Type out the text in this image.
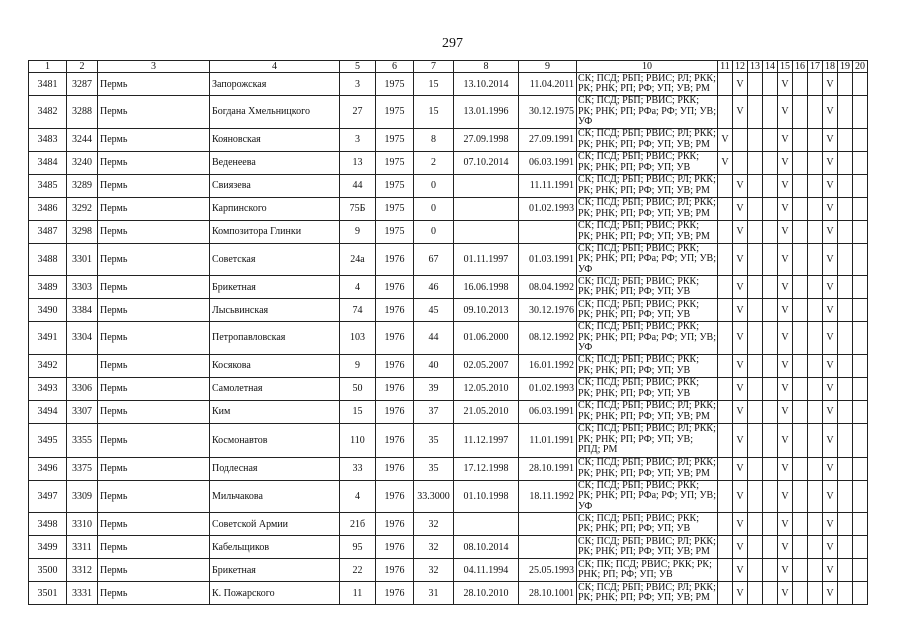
297
1	2	3	4	5	6	7	8	9	10	11	12	13	14	15	16	17	18	19	20
3481	3287	Пермь	Запорожская	3	1975	15	13.10.2014	11.04.2011	СК; ПСД; РБП; РВИС; РЛ; РКК; РК; РНК; РП; РФ; УП; УВ; РМ		V			V			V		
3482	3288	Пермь	Богдана Хмельницкого	27	1975	15	13.01.1996	30.12.1975	СК; ПСД; РБП; РВИС; РКК; РК; РНК; РП; РФа; РФ; УП; УВ; УФ		V			V			V		
3483	3244	Пермь	Кояновская	3	1975	8	27.09.1998	27.09.1991	СК; ПСД; РБП; РВИС; РЛ; РКК; РК; РНК; РП; РФ; УП; УВ; РМ	V				V			V		
3484	3240	Пермь	Веденеева	13	1975	2	07.10.2014	06.03.1991	СК; ПСД; РБП; РВИС; РКК; РК; РНК; РП; РФ; УП; УВ	V				V			V		
3485	3289	Пермь	Свиязева	44	1975	0		11.11.1991	СК; ПСД; РБП; РВИС; РЛ; РКК; РК; РНК; РП; РФ; УП; УВ; РМ		V			V			V		
3486	3292	Пермь	Карпинского	75Б	1975	0		01.02.1993	СК; ПСД; РБП; РВИС; РЛ; РКК; РК; РНК; РП; РФ; УП; УВ; РМ		V			V			V		
3487	3298	Пермь	Композитора Глинки	9	1975	0			СК; ПСД; РБП; РВИС; РКК; РК; РНК; РП; РФ; УП; УВ; РМ		V			V			V		
3488	3301	Пермь	Советская	24а	1976	67	01.11.1997	01.03.1991	СК; ПСД; РБП; РВИС; РКК; РК; РНК; РП; РФа; РФ; УП; УВ; УФ		V			V			V		
3489	3303	Пермь	Брикетная	4	1976	46	16.06.1998	08.04.1992	СК; ПСД; РБП; РВИС; РКК; РК; РНК; РП; РФ; УП; УВ		V			V			V		
3490	3384	Пермь	Лысьвинская	74	1976	45	09.10.2013	30.12.1976	СК; ПСД; РБП; РВИС; РКК; РК; РНК; РП; РФ; УП; УВ		V			V			V		
3491	3304	Пермь	Петропавловская	103	1976	44	01.06.2000	08.12.1992	СК; ПСД; РБП; РВИС; РКК; РК; РНК; РП; РФа; РФ; УП; УВ; УФ		V			V			V		
3492		Пермь	Косякова	9	1976	40	02.05.2007	16.01.1992	СК; ПСД; РБП; РВИС; РКК; РК; РНК; РП; РФ; УП; УВ		V			V			V		
3493	3306	Пермь	Самолетная	50	1976	39	12.05.2010	01.02.1993	СК; ПСД; РБП; РВИС; РКК; РК; РНК; РП; РФ; УП; УВ		V			V			V		
3494	3307	Пермь	Ким	15	1976	37	21.05.2010	06.03.1991	СК; ПСД; РБП; РВИС; РЛ; РКК; РК; РНК; РП; РФ; УП; УВ; РМ		V			V			V		
3495	3355	Пермь	Космонавтов	110	1976	35	11.12.1997	11.01.1991	СК; ПСД; РБП; РВИС; РЛ; РКК; РК; РНК; РП; РФ; УП; УВ; РПД; РМ		V			V			V		
3496	3375	Пермь	Подлесная	33	1976	35	17.12.1998	28.10.1991	СК; ПСД; РБП; РВИС; РЛ; РКК; РК; РНК; РП; РФ; УП; УВ; РМ		V			V			V		
3497	3309	Пермь	Мильчакова	4	1976	33.3000	01.10.1998	18.11.1992	СК; ПСД; РБП; РВИС; РКК; РК; РНК; РП; РФа; РФ; УП; УВ; УФ		V			V			V		
3498	3310	Пермь	Советской Армии	21б	1976	32			СК; ПСД; РБП; РВИС; РКК; РК; РНК; РП; РФ; УП; УВ		V			V			V		
3499	3311	Пермь	Кабельщиков	95	1976	32	08.10.2014		СК; ПСД; РБП; РВИС; РЛ; РКК; РК; РНК; РП; РФ; УП; УВ; РМ		V			V			V		
3500	3312	Пермь	Брикетная	22	1976	32	04.11.1994	25.05.1993	СК; ПК; ПСД; РВИС; РКК; РК; РНК; РП; РФ; УП; УВ		V			V			V		
3501	3331	Пермь	К. Пожарского	11	1976	31	28.10.2010	28.10.1001	СК; ПСД; РБП; РВИС; РЛ; РКК; РК; РНК; РП; РФ; УП; УВ; РМ		V			V			V		
